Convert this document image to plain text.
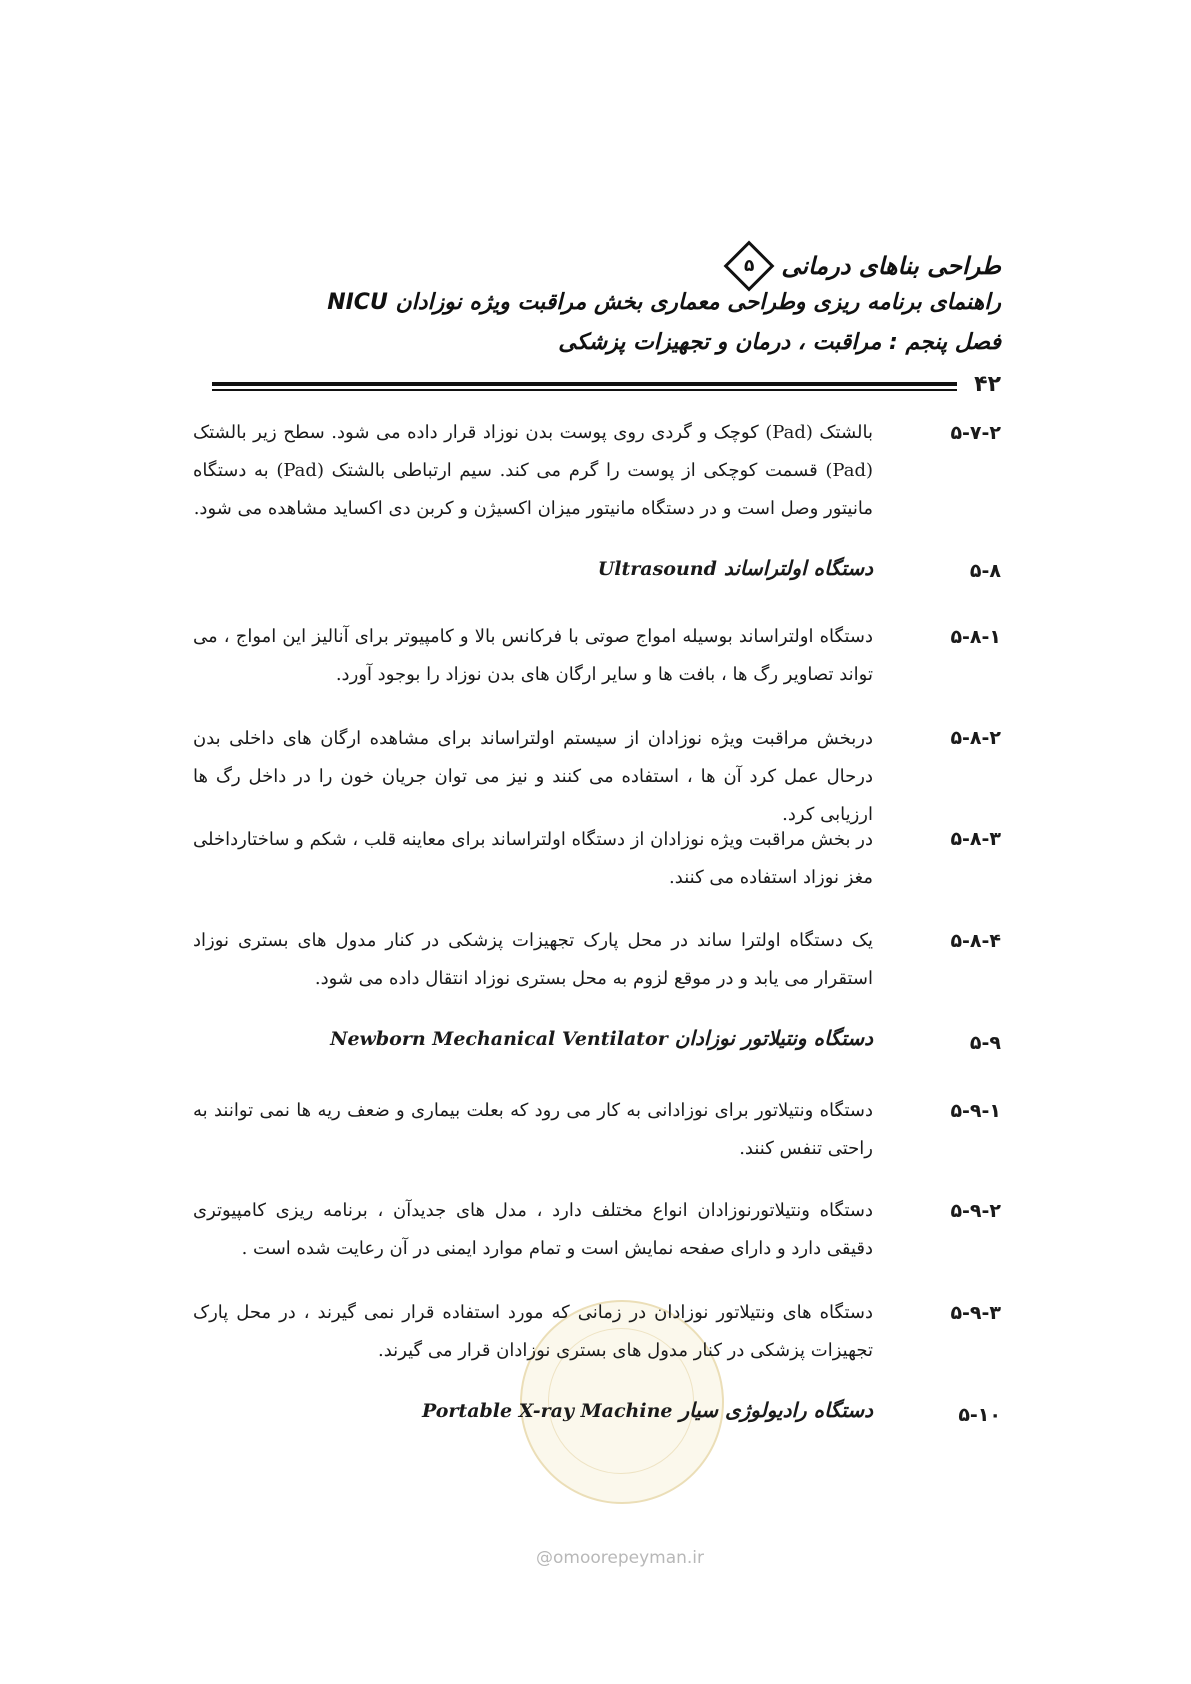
طراحی بناهای درمانی
۵
راهنمای برنامه ریزی وطراحی معماری بخش مراقبت ویژه نوزادان NICU
فصل پنجم : مراقبت ، درمان و تجهیزات پزشکی
۴۲
۵-۷-۲
بالشتک (Pad) کوچک و گردی روی پوست بدن نوزاد قرار داده می شود. سطح زیر بالشتک (Pad) قسمت کوچکی از پوست را گرم می کند. سیم ارتباطی بالشتک (Pad) به دستگاه مانیتور وصل است و در دستگاه مانیتور میزان اکسیژن و کربن دی اکساید مشاهده می شود.
۵-۸
دستگاه اولتراساند Ultrasound
۵-۸-۱
دستگاه اولتراساند بوسیله امواج صوتی با فرکانس بالا و کامپیوتر برای آنالیز این امواج ، می تواند تصاویر رگ ها ، بافت ها و سایر ارگان های بدن نوزاد را بوجود آورد.
۵-۸-۲
دربخش مراقبت ویژه نوزادان از سیستم اولتراساند برای مشاهده ارگان های داخلی بدن درحال عمل کرد آن ها ، استفاده می کنند و نیز می توان جریان خون را در داخل رگ ها ارزیابی کرد.
۵-۸-۳
در بخش مراقبت ویژه نوزادان از دستگاه اولتراساند برای معاینه قلب ، شکم و ساختارداخلی مغز نوزاد استفاده می کنند.
۵-۸-۴
یک دستگاه اولترا ساند در محل پارک تجهیزات پزشکی در کنار مدول های بستری نوزاد استقرار می یابد و در موقع لزوم به محل بستری نوزاد انتقال داده می شود.
۵-۹
دستگاه ونتیلاتور نوزادان Newborn Mechanical Ventilator
۵-۹-۱
دستگاه ونتیلاتور برای نوزادانی به کار می رود که بعلت بیماری و ضعف ریه ها نمی توانند به راحتی تنفس کنند.
۵-۹-۲
دستگاه ونتیلاتورنوزادان انواع مختلف دارد ، مدل های جدیدآن ، برنامه ریزی کامپیوتری دقیقی دارد و دارای صفحه نمایش است و تمام موارد ایمنی در آن رعایت شده است .
۵-۹-۳
دستگاه های ونتیلاتور نوزادان در زمانی که مورد استفاده قرار نمی گیرند ، در محل پارک تجهیزات پزشکی در کنار مدول های بستری نوزادان قرار می گیرند.
۵-۱۰
دستگاه رادیولوژی سیار Portable X-ray Machine
@omoorepeyman.ir
